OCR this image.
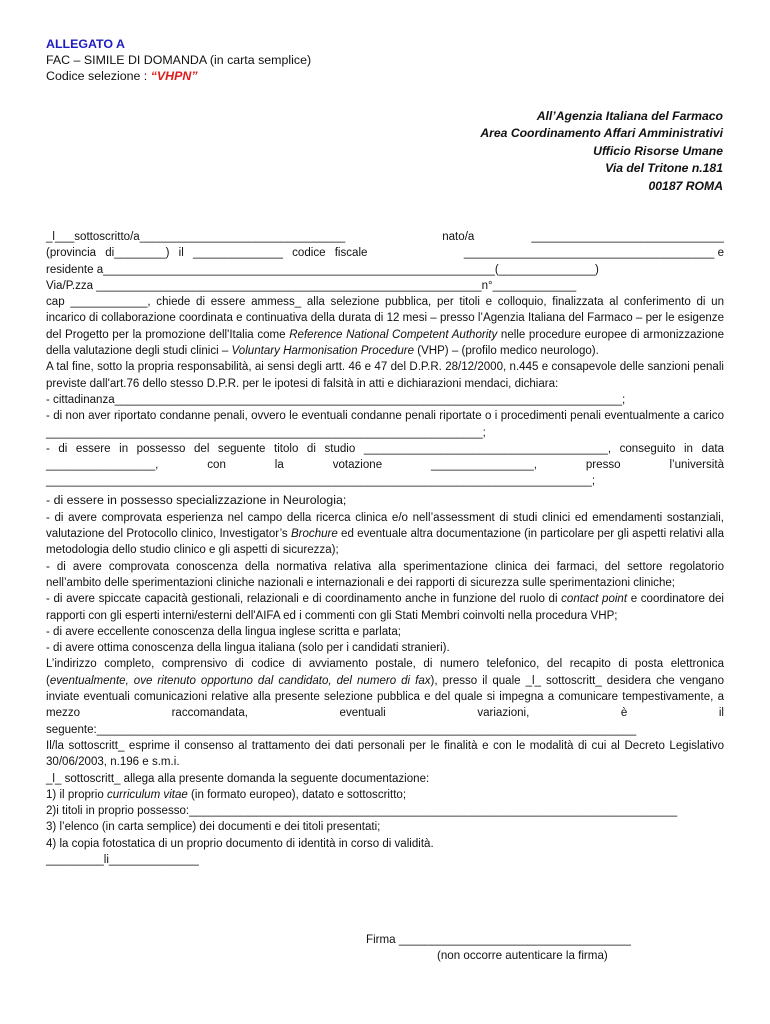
ALLEGATO A
FAC – SIMILE DI DOMANDA (in carta semplice)
Codice selezione : “VHPN”
All’Agenzia Italiana del Farmaco
Area Coordinamento Affari Amministrativi
Ufficio Risorse Umane
Via del Tritone n.181
00187 ROMA
_l___sottoscritto/a________________________________	nato/a	______________________________
(provincia di________) il ______________ codice fiscale	_______________________________________ e
residente a_____________________________________________________________(_______________)
Via/P.zza ____________________________________________________________n°_____________
cap ____________, chiede di essere ammess_ alla selezione pubblica, per titoli e colloquio, finalizzata al conferimento di un incarico di collaborazione coordinata e continuativa della durata di 12 mesi – presso l’Agenzia Italiana del Farmaco – per le esigenze del Progetto per la promozione dell'Italia come Reference National Competent Authority nelle procedure europee di armonizzazione della valutazione degli studi clinici – Voluntary Harmonisation Procedure (VHP) – (profilo medico neurologo).
A tal fine, sotto la propria responsabilità, ai sensi degli artt. 46 e 47 del D.P.R. 28/12/2000, n.445 e consapevole delle sanzioni penali previste dall'art.76 dello stesso D.P.R. per le ipotesi di falsità in atti e dichiarazioni mendaci, dichiara:
- cittadinanza_______________________________________________________________________________;
- di non aver riportato condanne penali, ovvero le eventuali condanne penali riportate o i procedimenti penali eventualmente a carico ____________________________________________________________________;
- di essere in possesso del seguente titolo di studio ______________________________________, conseguito in data _________________, con la votazione ________________, presso l’università
_____________________________________________________________________________________;
- di essere in possesso specializzazione in Neurologia;
- di avere comprovata esperienza nel campo della ricerca clinica e/o nell’assessment di studi clinici ed emendamenti sostanziali, valutazione del Protocollo clinico, Investigator’s Brochure ed eventuale altra documentazione (in particolare per gli aspetti relativi alla metodologia dello studio clinico e gli aspetti di sicurezza);
- di avere comprovata conoscenza della normativa relativa alla sperimentazione clinica dei farmaci, del settore regolatorio nell’ambito delle sperimentazioni cliniche nazionali e internazionali e dei rapporti di sicurezza sulle sperimentazioni cliniche;
- di avere spiccate capacità gestionali, relazionali e di coordinamento anche in funzione del ruolo di contact point e coordinatore dei rapporti con gli esperti interni/esterni dell'AIFA ed i commenti con gli Stati Membri coinvolti nella procedura VHP;
- di avere eccellente conoscenza della lingua inglese scritta e parlata;
- di avere ottima conoscenza della lingua italiana (solo per i candidati stranieri).
L’indirizzo completo, comprensivo di codice di avviamento postale, di numero telefonico, del recapito di posta elettronica (eventualmente, ove ritenuto opportuno dal candidato, del numero di fax), presso il quale _l_ sottoscritt_ desidera che vengano inviate eventuali comunicazioni relative alla presente selezione pubblica e del quale si impegna a comunicare tempestivamente, a mezzo raccomandata, eventuali variazioni, è il
seguente:____________________________________________________________________________________
Il/la sottoscritt_ esprime il consenso al trattamento dei dati personali per le finalità e con le modalità di cui al Decreto Legislativo 30/06/2003, n.196 e s.m.i.
_l_ sottoscritt_ allega alla presente domanda la seguente documentazione:
1) il proprio curriculum vitae (in formato europeo), datato e sottoscritto;
2)i titoli in proprio possesso:____________________________________________________________________________
3) l’elenco (in carta semplice) dei documenti e dei titoli presentati;
4) la copia fotostatica di un proprio documento di identità in corso di validità.
_________li______________
Firma ____________________________________
(non occorre autenticare la firma)
